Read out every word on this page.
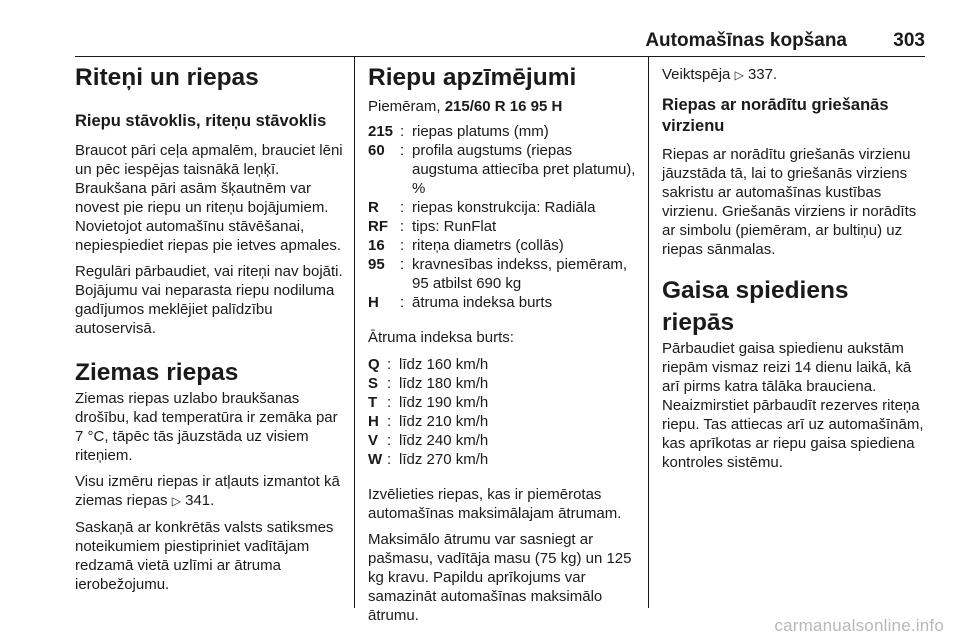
Automašīnas kopšana 303
Riteņi un riepas
Riepu stāvoklis, riteņu stāvoklis

Braucot pāri ceļa apmalēm, brauciet lēni un pēc iespējas taisnākā leņķī. Braukšana pāri asām šķautnēm var novest pie riepu un riteņu bojājumiem. Novietojot automašīnu stāvēšanai, nepiespiediet riepas pie ietves apmales.

Regulāri pārbaudiet, vai riteņi nav bojāti. Bojājumu vai neparasta riepu nodiluma gadījumos meklējiet palīdzību autoservisā.

Ziemas riepas

Ziemas riepas uzlabo braukšanas drošību, kad temperatūra ir zemāka par 7 °C, tāpēc tās jāuzstāda uz visiem riteņiem.

Visu izmēru riepas ir atļauts izmantot kā ziemas riepas ▷ 341.

Saskaņā ar konkrētās valsts satiksmes noteikumiem piestipriniet vadītājam redzamā vietā uzlīmi ar ātruma ierobežojumu.

Riepu apzīmējumi

Piemēram, 215/60 R 16 95 H

215 : riepas platums (mm)
60	: profila augstums (riepas augstuma attiecība pret platumu), %
R	: riepas konstrukcija: Radiāla
RF : tips: RunFlat
16	: riteņa diametrs (collās)
95	: kravnesības indekss, piemēram, 95 atbilst 690 kg
H	: ātruma indeksa burts

Ātruma indeksa burts:

Q : līdz 160 km/h
S : līdz 180 km/h
T : līdz 190 km/h
H : līdz 210 km/h
V : līdz 240 km/h
W : līdz 270 km/h

Izvēlieties riepas, kas ir piemērotas automašīnas maksimālajam ātrumam.

Maksimālo ātrumu var sasniegt ar pašmasu, vadītāja masu (75 kg) un 125 kg kravu. Papildu aprīkojums var samazināt automašīnas maksimālo ātrumu.

Veiktspēja ▷ 337.

Riepas ar norādītu griešanās virzienu

Riepas ar norādītu griešanās virzienu jāuzstāda tā, lai to griešanās virziens sakristu ar automašīnas kustības virzienu. Griešanās virziens ir norādīts ar simbolu (piemēram, ar bultiņu) uz riepas sānmalas.

Gaisa spiediens riepās

Pārbaudiet gaisa spiedienu aukstām riepām vismaz reizi 14 dienu laikā, kā arī pirms katra tālāka brauciena. Neaizmirstiet pārbaudīt rezerves riteņa riepu. Tas attiecas arī uz automašīnām, kas aprīkotas ar riepu gaisa spiediena kontroles sistēmu.

carmanualsonline.info
